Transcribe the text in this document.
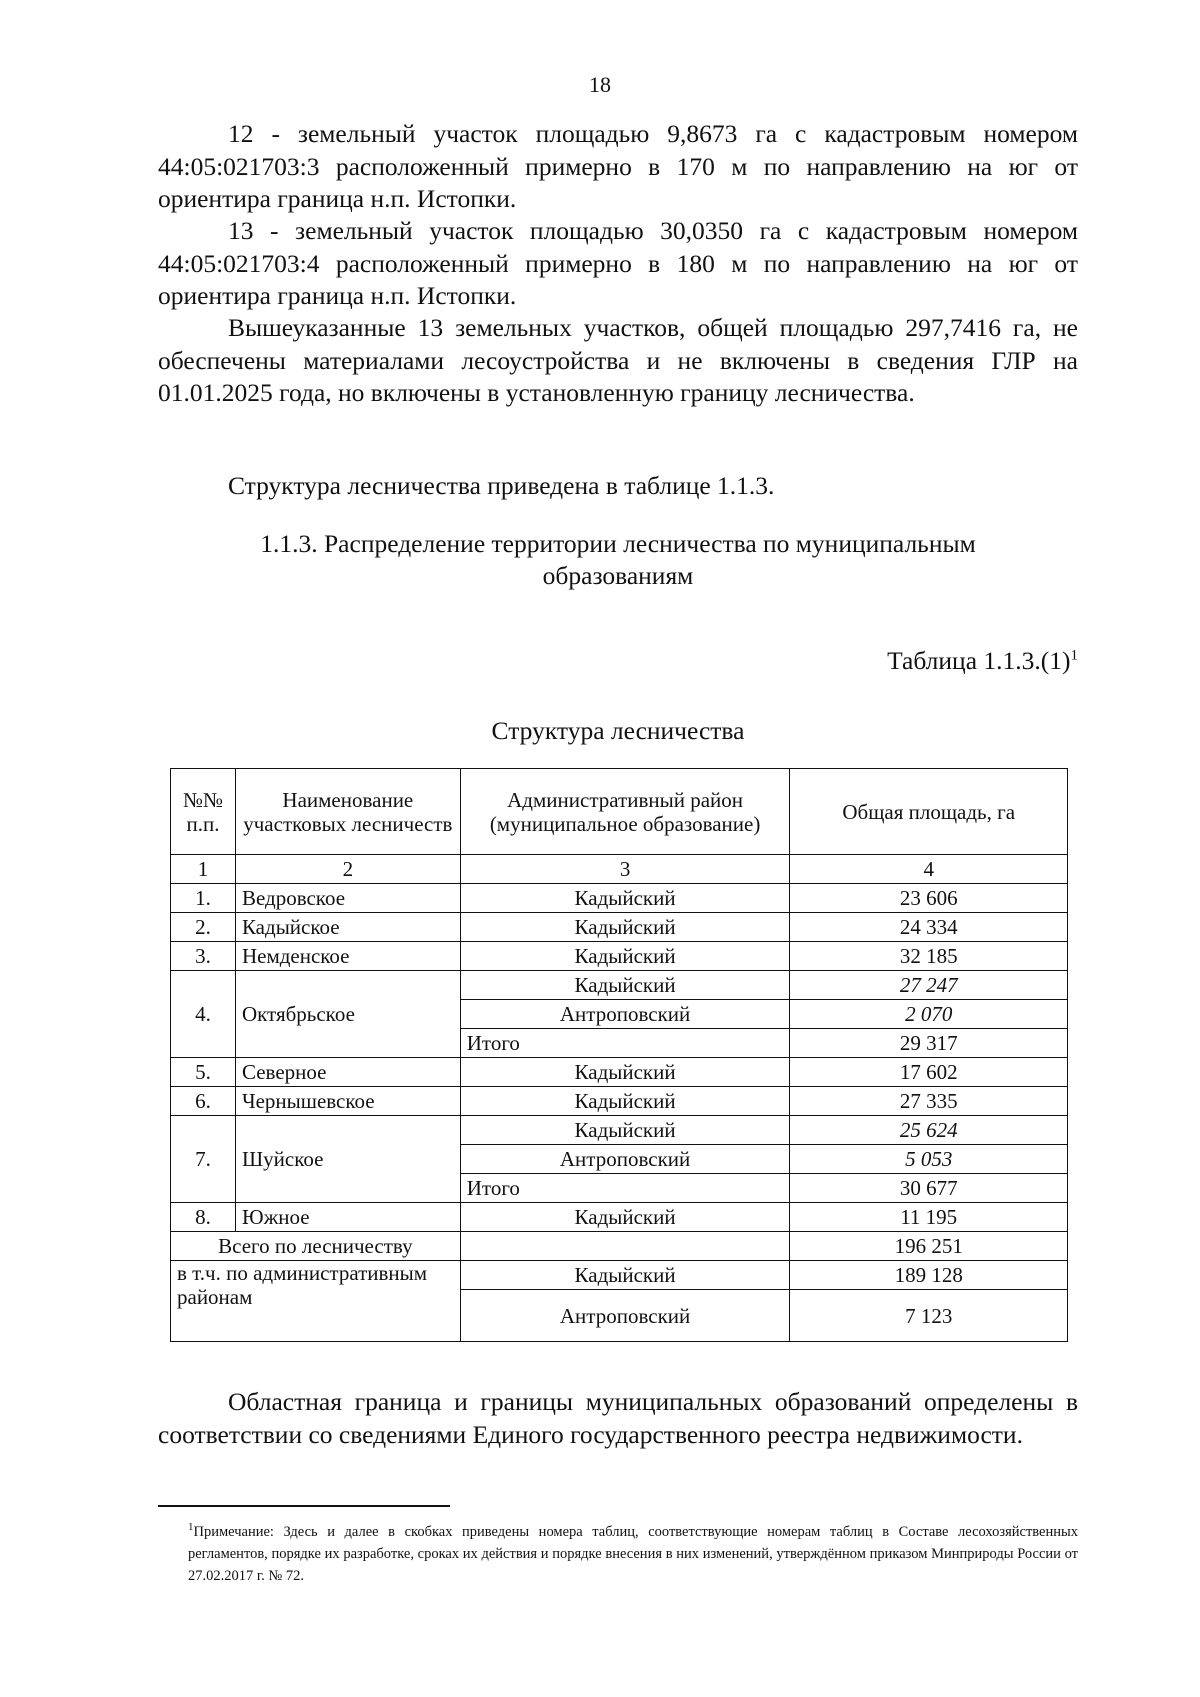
18

12 - земельный участок площадью 9,8673 га с кадастровым номером 44:05:021703:3 расположенный примерно в 170 м по направлению на юг от ориентира граница н.п. Истопки.

13 - земельный участок площадью 30,0350 га с кадастровым номером 44:05:021703:4 расположенный примерно в 180 м по направлению на юг от ориентира граница н.п. Истопки.

Вышеуказанные 13 земельных участков, общей площадью 297,7416 га, не обеспечены материалами лесоустройства и не включены в сведения ГЛР на 01.01.2025 года, но включены в установленную границу лесничества.

Структура лесничества приведена в таблице 1.1.3.

1.1.3. Распределение территории лесничества по муниципальным
образованиям
Таблица $1.1.3.(1)^1$
Структура лесничества
№№ п.п.	Наименование участковых лесничеств	Административный район (муниципальное образование)	Общая площадь, га
1	2	3	4
1.	Ведровское	Кадыйский	23 606
2.	Кадыйское	Кадыйский	24 334
3.	Немденское	Кадыйский	32 185
4.	Октябрьское	Кадыйский	27 247
		Антроповский	2 070
		Итого	29 317
5.	Северное	Кадыйский	17 602
6.	Чернышевское	Кадыйский	27 335
7.	Шуйское	Кадыйский	25 624
		Антроповский	5 053
		Итого	30 677
8.	Южное	Кадыйский	11 195
Всего по лесничеству			196 251
в т.ч. по административным районам		Кадыйский	189 128
		Антроповский	7 123

Областная граница и границы муниципальных образований определены в соответствии со сведениями Единого государственного реестра недвижимости.

$^1$Примечание: Здесь и далее в скобках приведены номера таблиц, соответствующие номерам таблиц в Составе лесохозяйственных регламентов, порядке их разработке, сроках их действия и порядке внесения в них изменений, утверждённом приказом Минприроды России от 27.02.2017 г. № 72.
